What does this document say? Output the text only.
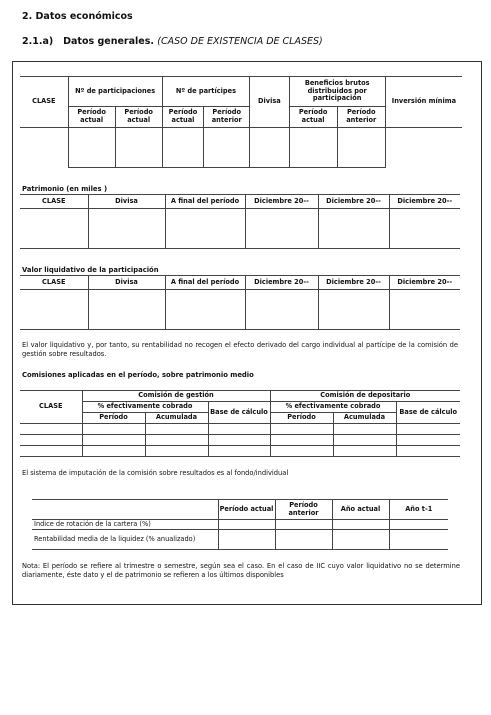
2. Datos económicos
2.1.a) Datos generales. (CASO DE EXISTENCIA DE CLASES)
CLASE	Nº de participaciones		Nº de partícipes		Divisa	Beneficios brutos distribuidos por participación		Inversión mínima
	Período actual	Período actual	Período actual	Período anterior		Período actual	Período anterior	

Patrimonio (en miles )
CLASE	Divisa	A final del período	Diciembre 20--	Diciembre 20--	Diciembre 20--

Valor liquidativo de la participación
CLASE	Divisa	A final del período	Diciembre 20--	Diciembre 20--	Diciembre 20--

El valor liquidativo y, por tanto, su rentabilidad no recogen el efecto derivado del cargo individual al partícipe de la comisión de gestión sobre resultados.
Comisiones aplicadas en el período, sobre patrimonio medio
CLASE	Comisión de gestión			Comisión de depositario		
	% efectivamente cobrado		Base de cálculo	% efectivamente cobrado		Base de cálculo
	Período	Acumulada		Período	Acumulada	

El sistema de imputación de la comisión sobre resultados es al fondo/individual
	Período actual	Período anterior	Año actual	Año t-1
Índice de rotación de la cartera (%)				
Rentabilidad media de la liquidez (% anualizado)				
Nota: El período se refiere al trimestre o semestre, según sea el caso. En el caso de IIC cuyo valor liquidativo no se determine diariamente, éste dato y el de patrimonio se refieren a los últimos disponibles
